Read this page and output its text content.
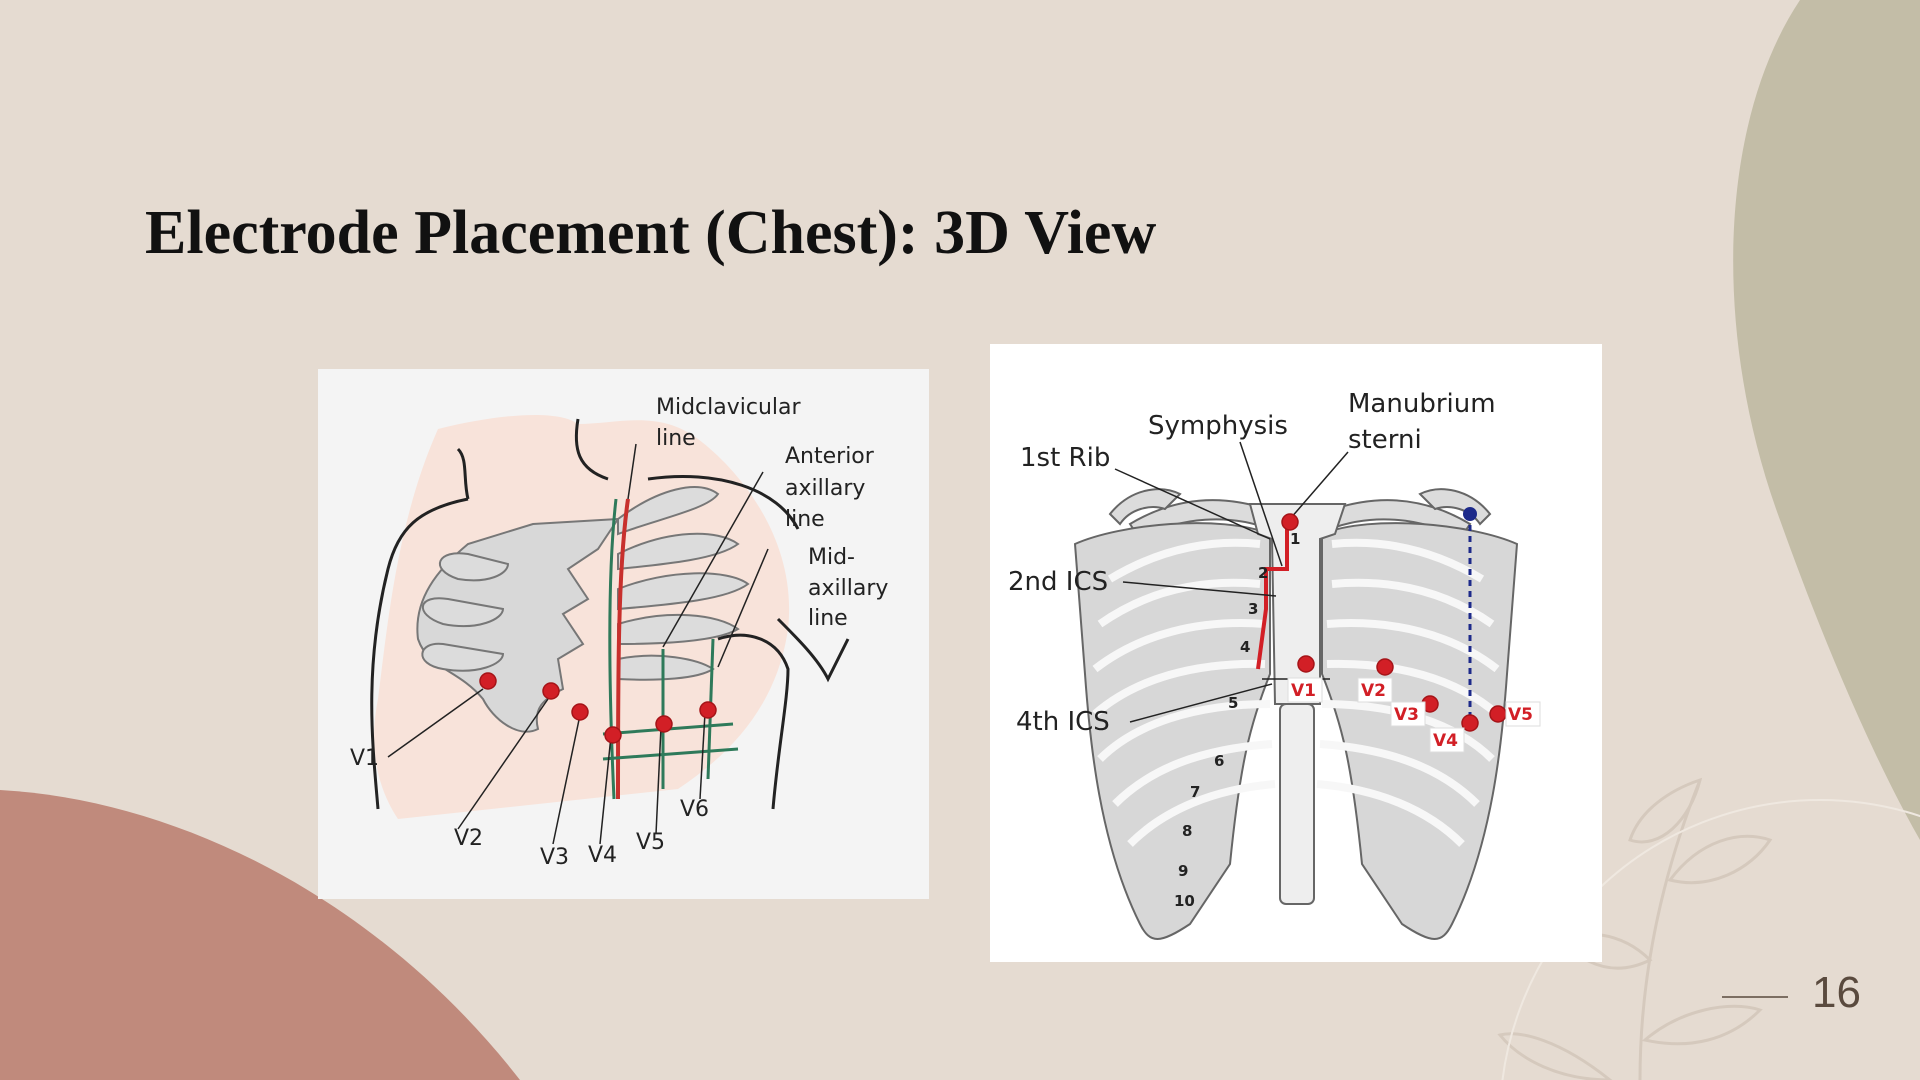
Electrode Placement (Chest): 3D View
Midclavicular
line
Anterior
axillary
line
Mid-
axillary
line
V1
V2
V3 V4
V5
V6
Symphysis
Manubrium
sterni
1st Rib
2nd ICS
4th ICS
1
2
3
4
5
6
7
8
9
10
V1	V2
V3
V4
V5
16
